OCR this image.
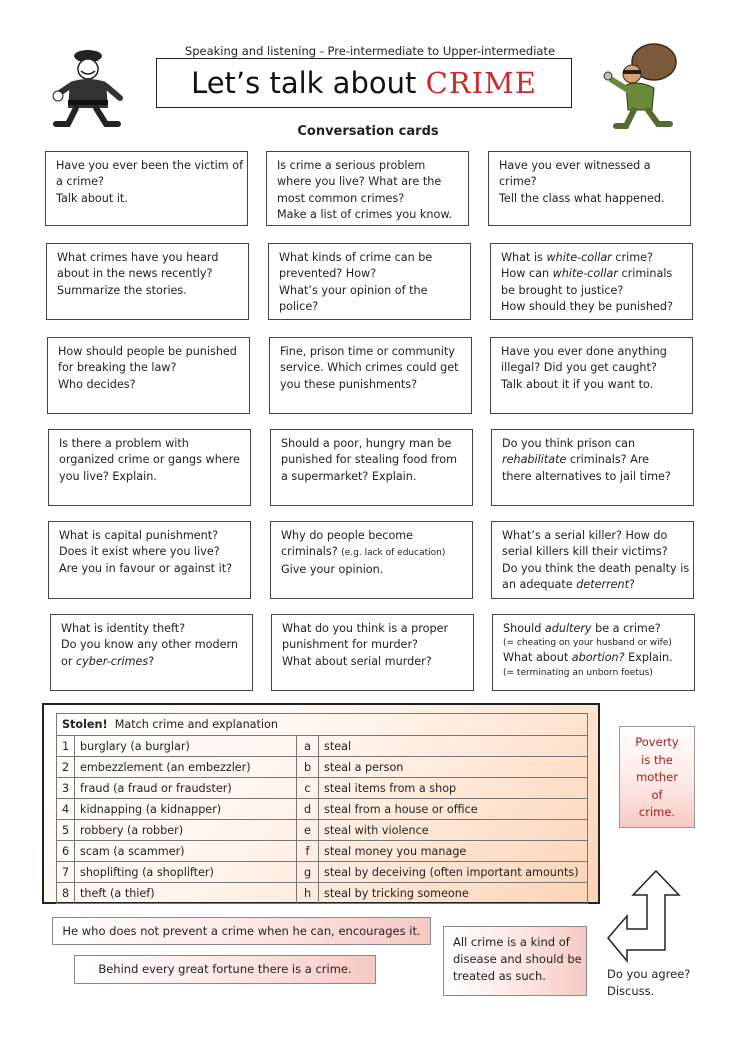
Speaking and listening - Pre-intermediate to Upper-intermediate
Let’s talk about CRIME
Conversation cards
Have you ever been the victim of
a crime?
Talk about it.
Is crime a serious problem
where you live? What are the
most common crimes?
Make a list of crimes you know.
Have you ever witnessed a
crime?
Tell the class what happened.
What crimes have you heard
about in the news recently?
Summarize the stories.
What kinds of crime can be
prevented? How?
What’s your opinion of the
police?
What is white-collar crime?
How can white-collar criminals
be brought to justice?
How should they be punished?
How should people be punished
for breaking the law?
Who decides?
Fine, prison time or community
service. Which crimes could get
you these punishments?
Have you ever done anything
illegal? Did you get caught?
Talk about it if you want to.
Is there a problem with
organized crime or gangs where
you live? Explain.
Should a poor, hungry man be
punished for stealing food from
a supermarket? Explain.
Do you think prison can
rehabilitate criminals? Are
there alternatives to jail time?
What is capital punishment?
Does it exist where you live?
Are you in favour or against it?
Why do people become
criminals? (e.g. lack of education)
Give your opinion.
What’s a serial killer? How do
serial killers kill their victims?
Do you think the death penalty is
an adequate deterrent?
What is identity theft?
Do you know any other modern
or cyber-crimes?
What do you think is a proper
punishment for murder?
What about serial murder?
Should adultery be a crime?
(= cheating on your husband or wife)
What about abortion? Explain.
(= terminating an unborn foetus)
Stolen! Match crime and explanation			
1	burglary (a burglar)	a	steal
2	embezzlement (an embezzler)	b	steal a person
3	fraud (a fraud or fraudster)	c	steal items from a shop
4	kidnapping (a kidnapper)	d	steal from a house or office
5	robbery (a robber)	e	steal with violence
6	scam (a scammer)	f	steal money you manage
7	shoplifting (a shoplifter)	g	steal by deceiving (often important amounts)
8	theft (a thief)	h	steal by tricking someone
Poverty
is the
mother
of
crime.
He who does not prevent a crime when he can, encourages it.
Behind every great fortune there is a crime.
All crime is a kind of
disease and should be
treated as such.	Do you agree?
Discuss.
